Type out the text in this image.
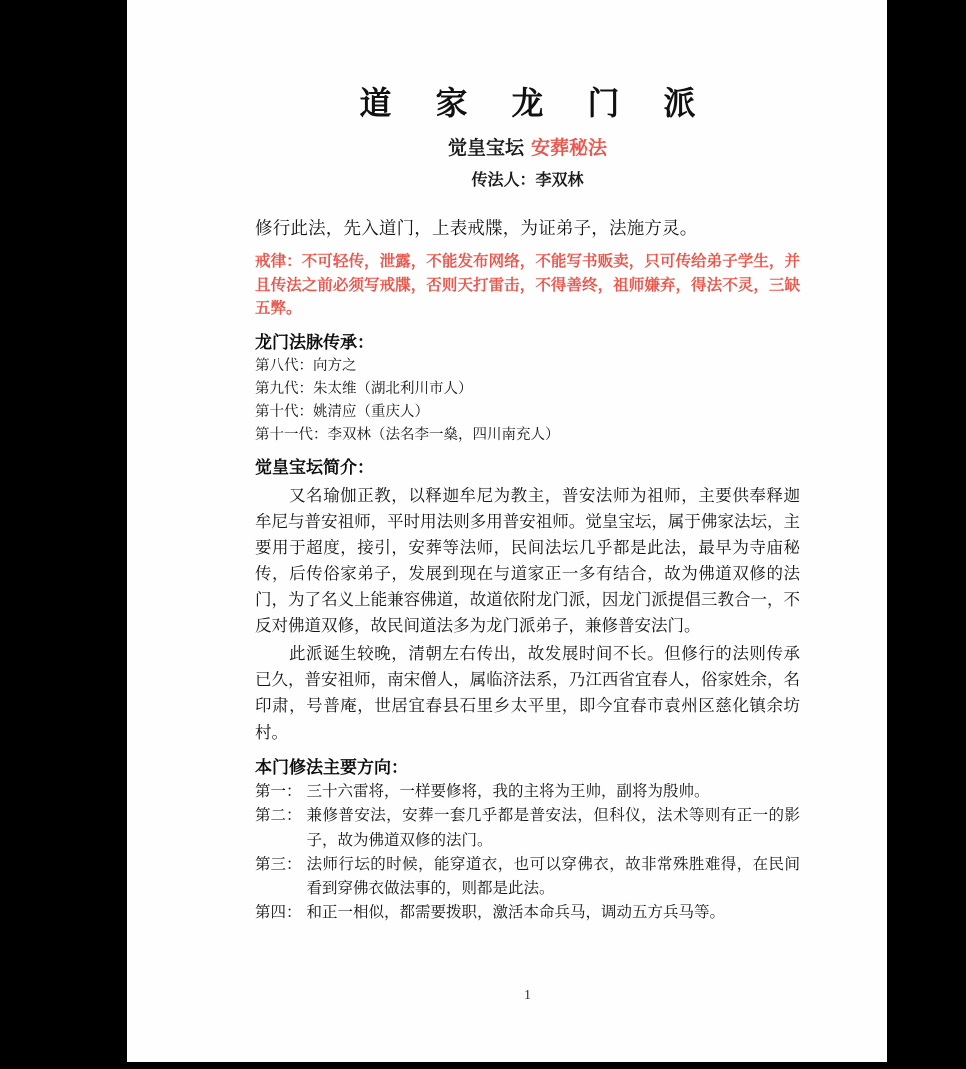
道 家 龙 门 派

觉皇宝坛 安葬秘法

传法人：李双林

修行此法，先入道门，上表戒牒，为证弟子，法施方灵。

戒律：不可轻传，泄露，不能发布网络，不能写书贩卖，只可传给弟子学生，并且传法之前必须写戒牒，否则天打雷击，不得善终，祖师嫌弃，得法不灵，三缺五弊。

龙门法脉传承：
第八代：向方之
第九代：朱太维（湖北利川市人）
第十代：姚清应（重庆人）
第十一代：李双林（法名李一燊，四川南充人）
觉皇宝坛简介：

又名瑜伽正教，以释迦牟尼为教主，普安法师为祖师，主要供奉释迦牟尼与普安祖师，平时用法则多用普安祖师。觉皇宝坛，属于佛家法坛，主要用于超度，接引，安葬等法师，民间法坛几乎都是此法，最早为寺庙秘传，后传俗家弟子，发展到现在与道家正一多有结合，故为佛道双修的法门，为了名义上能兼容佛道，故道依附龙门派，因龙门派提倡三教合一，不反对佛道双修，故民间道法多为龙门派弟子，兼修普安法门。

此派诞生较晚，清朝左右传出，故发展时间不长。但修行的法则传承已久，普安祖师，南宋僧人，属临济法系，乃江西省宜春人，俗家姓余，名印肃，号普庵，世居宜春县石里乡太平里，即今宜春市袁州区慈化镇余坊村。

本门修法主要方向：
第一： 三十六雷将，一样要修将，我的主将为王帅，副将为殷帅。
第二： 兼修普安法，安葬一套几乎都是普安法，但科仪，法术等则有正一的影子，故为佛道双修的法门。
第三： 法师行坛的时候，能穿道衣，也可以穿佛衣，故非常殊胜难得，在民间看到穿佛衣做法事的，则都是此法。
第四： 和正一相似，都需要拨职，激活本命兵马，调动五方兵马等。
1
